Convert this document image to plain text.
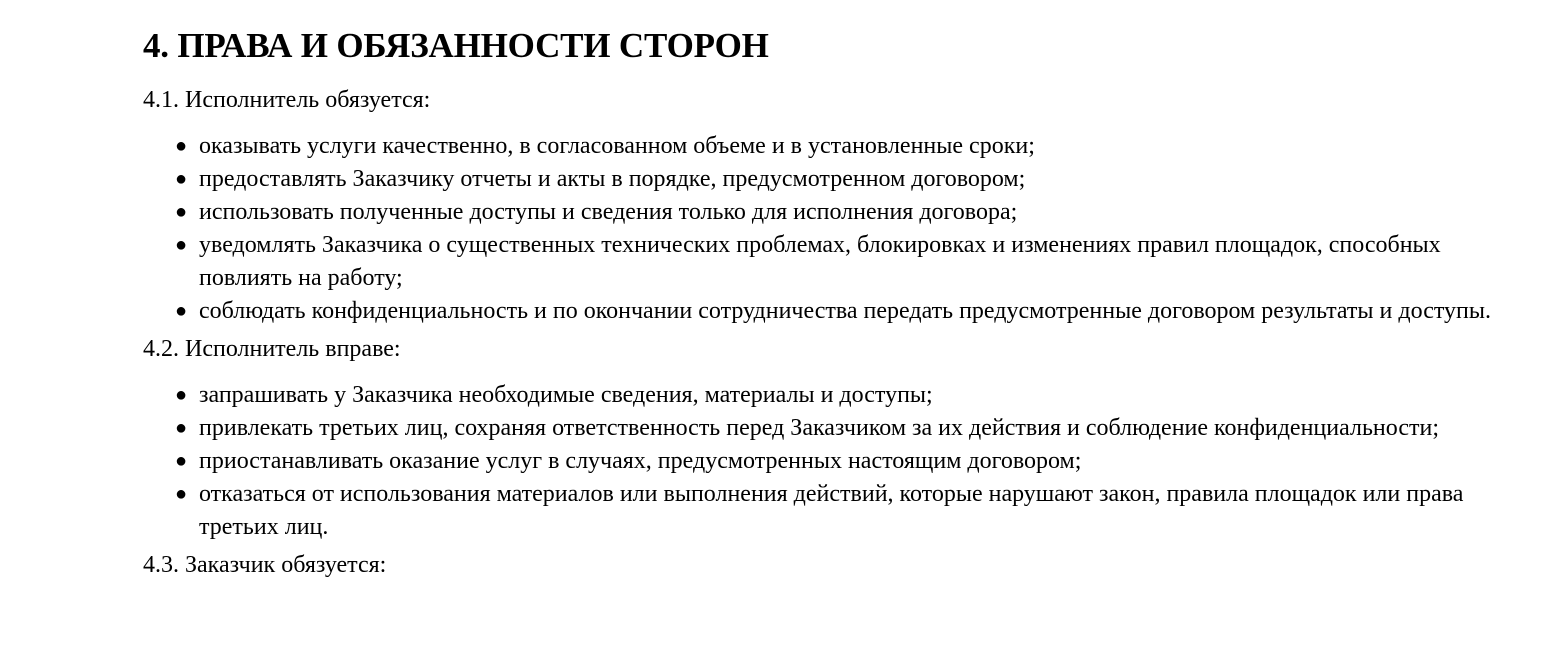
4. ПРАВА И ОБЯЗАННОСТИ СТОРОН

4.1. Исполнитель обязуется:

● оказывать услуги качественно, в согласованном объеме и в установленные сроки;
● предоставлять Заказчику отчеты и акты в порядке, предусмотренном договором;
● использовать полученные доступы и сведения только для исполнения договора;
● уведомлять Заказчика о существенных технических проблемах, блокировках и изменениях правил площадок, способных повлиять на работу;
● соблюдать конфиденциальность и по окончании сотрудничества передать предусмотренные договором результаты и доступы.

4.2. Исполнитель вправе:

● запрашивать у Заказчика необходимые сведения, материалы и доступы;
● привлекать третьих лиц, сохраняя ответственность перед Заказчиком за их действия и соблюдение конфиденциальности;
● приостанавливать оказание услуг в случаях, предусмотренных настоящим договором;
● отказаться от использования материалов или выполнения действий, которые нарушают закон, правила площадок или права третьих лиц.

4.3. Заказчик обязуется:
